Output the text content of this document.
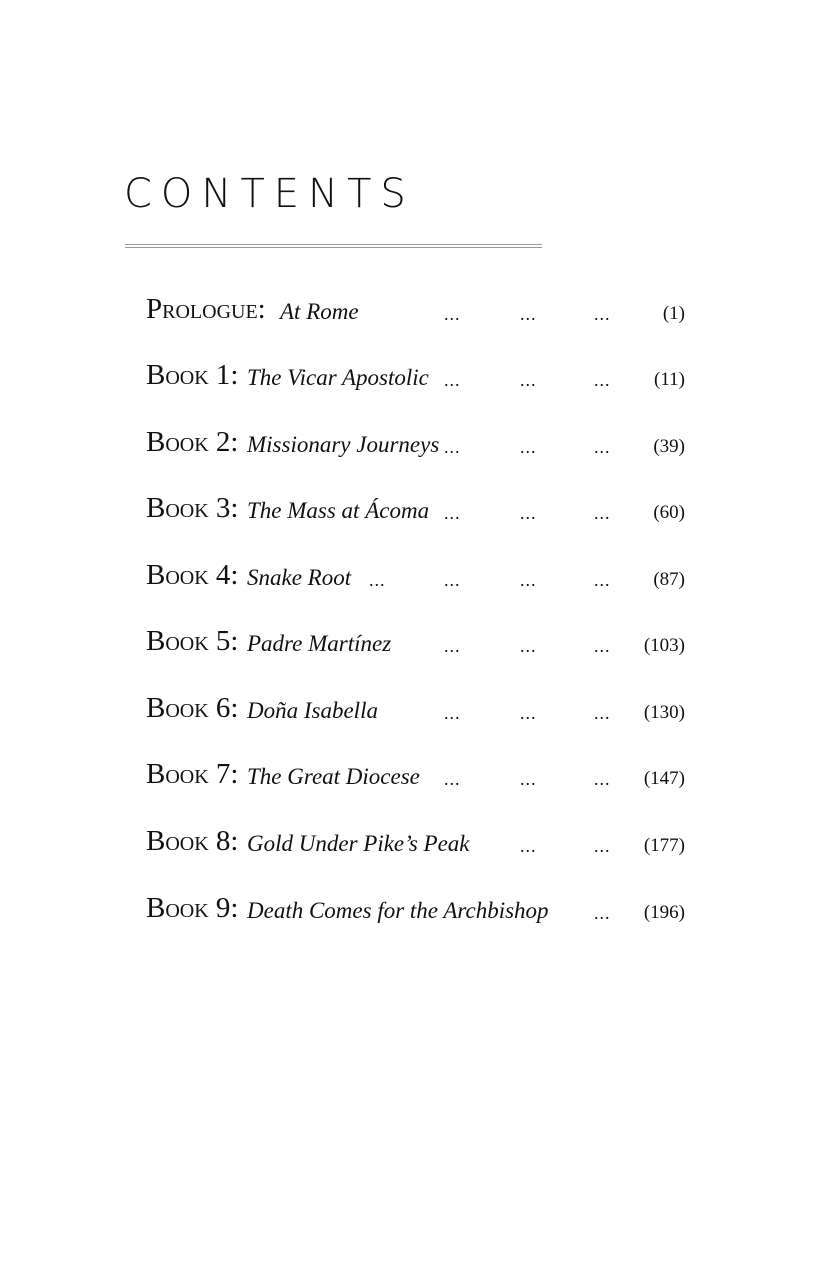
CONTENTS
Prologue: At Rome	...	...	...	(1)
Book 1: The Vicar Apostolic ...	...	... (11)
Book 2: Missionary Journeys ...	...	... (39)
Book 3: The Mass at Ácoma ...	...	... (60)
Book 4: Snake Root ...	...	...	... (87)
Book 5: Padre Martínez	...	...	... (103)
Book 6: Doña Isabella	...	...	... (130)
Book 7: The Great Diocese ...	...	... (147)
Book 8: Gold Under Pike’s Peak	...	... (177)
Book 9: Death Comes for the Archbishop	... (196)
